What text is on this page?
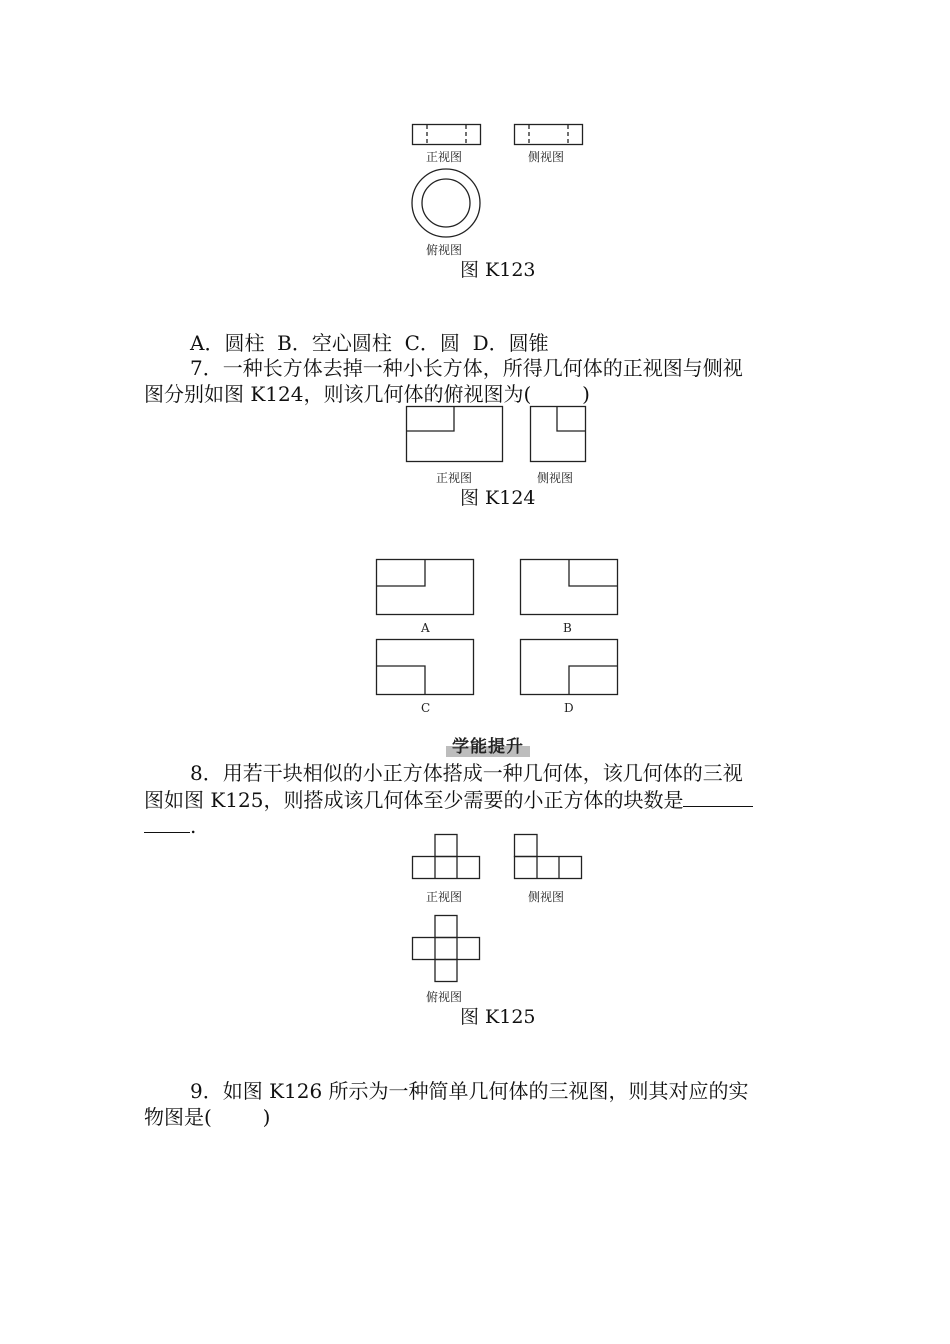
正视图	侧视图
俯视图
图 K123
A．圆柱  B．空心圆柱  C．圆  D．圆锥
7．一种长方体去掉一种小长方体，所得几何体的正视图与侧视
图分别如图 K124，则该几何体的俯视图为(        )
正视图	侧视图
图 K124
A	B
C	D
学能提升
8．用若干块相似的小正方体搭成一种几何体，该几何体的三视
图如图 K125，则搭成该几何体至少需要的小正方体的块数是
.
正视图	侧视图
俯视图
图 K125
9．如图 K126 所示为一种简单几何体的三视图，则其对应的实
物图是(        )
